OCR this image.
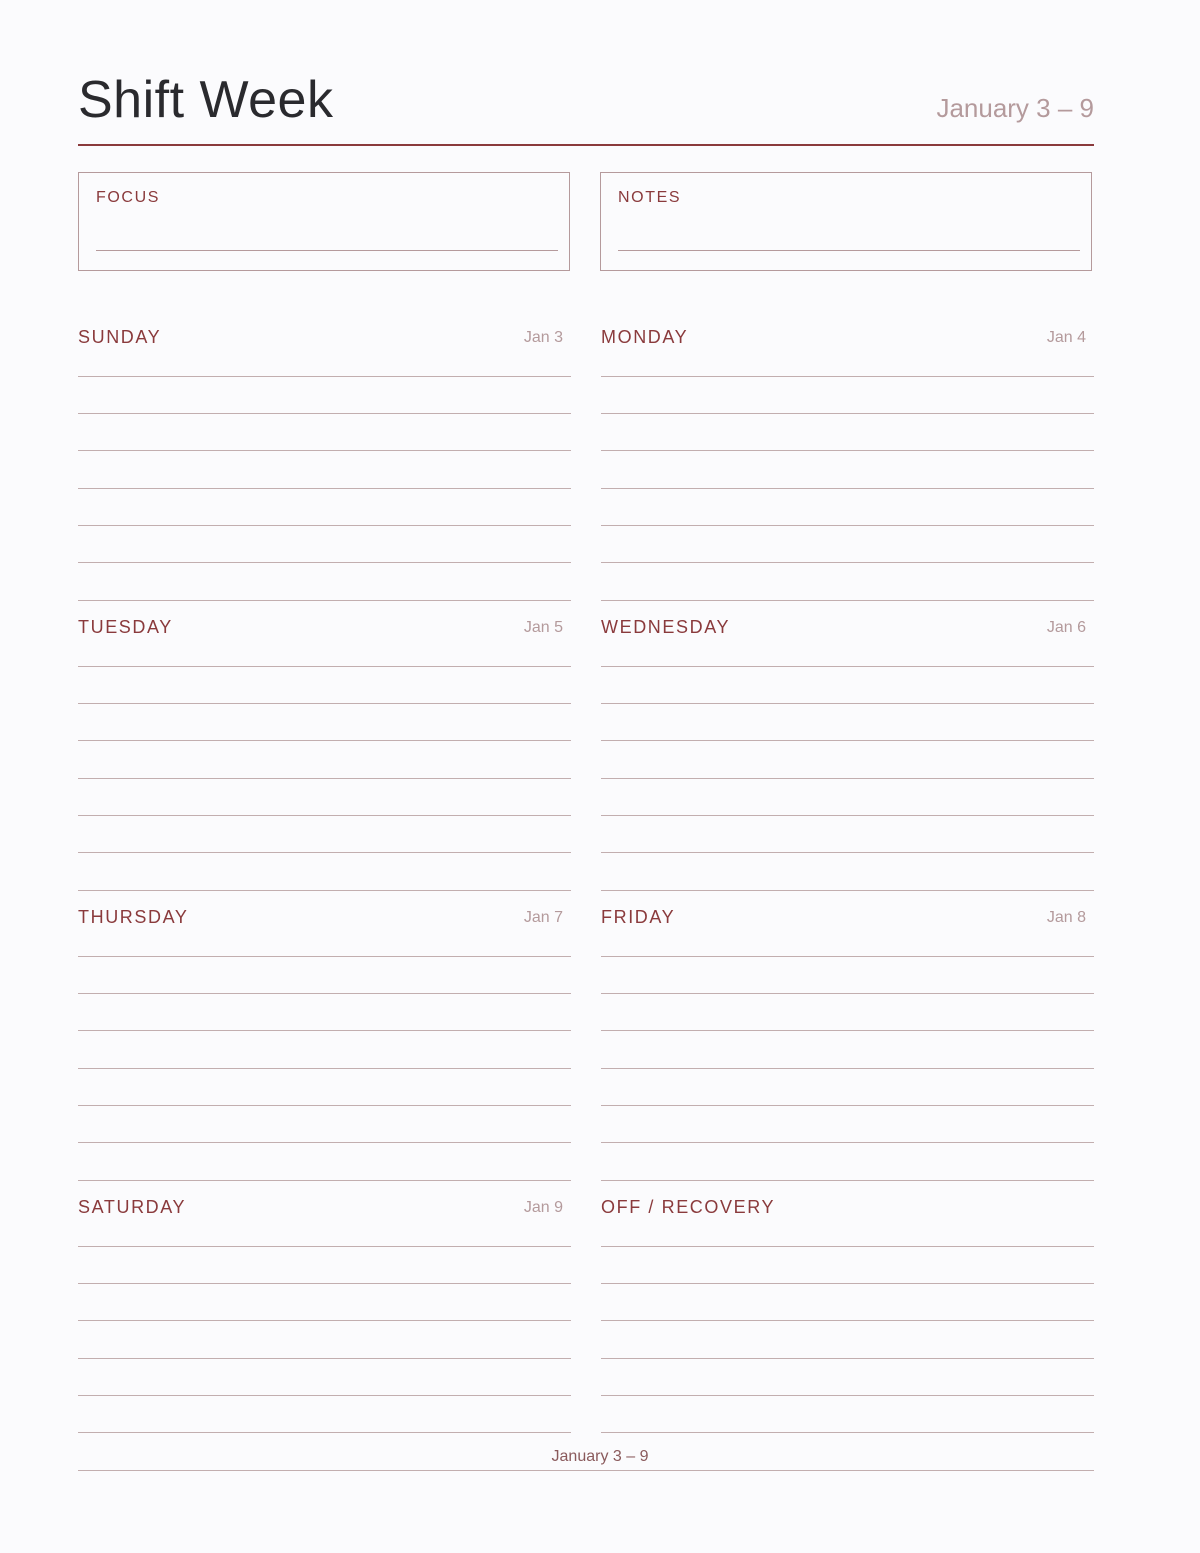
Shift Week	January 3 – 9
FOCUS	NOTES
SUNDAY	Jan 3 MONDAY	Jan 4
TUESDAY	Jan 5 WEDNESDAY	Jan 6
THURSDAY	Jan 7 FRIDAY	Jan 8
SATURDAY	Jan 9 OFF / RECOVERY
January 3 – 9
